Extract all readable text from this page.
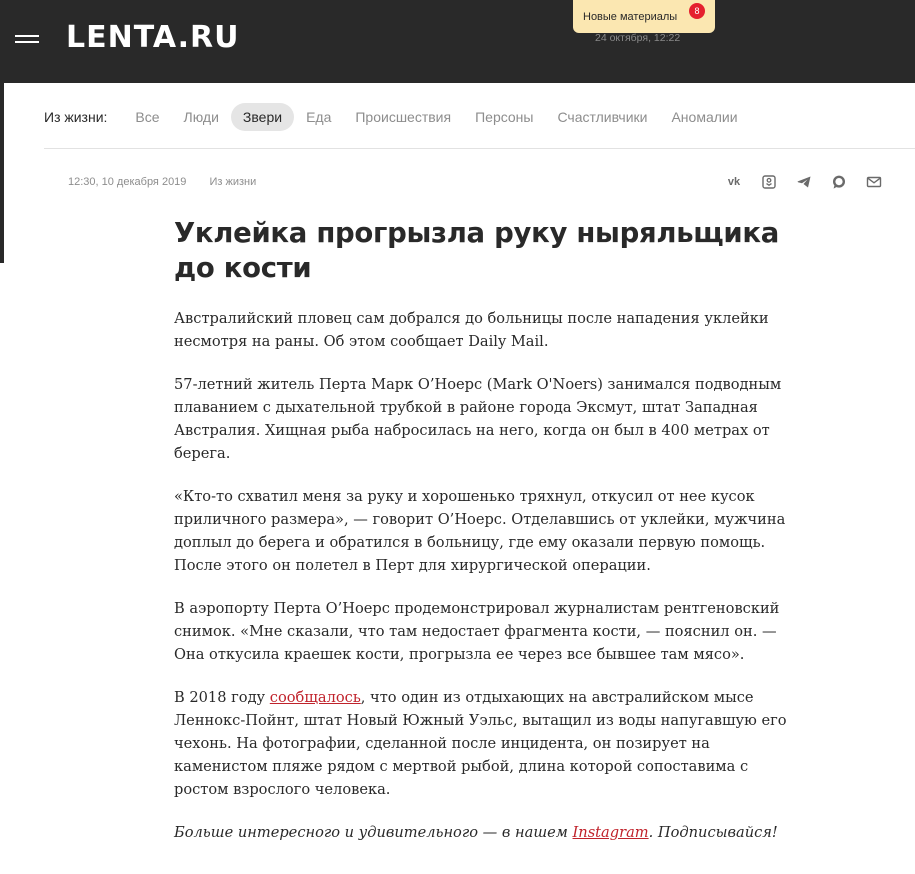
LENTA.RU
Новые материалы	8
24 октября, 12:22
Из жизни:	Все	Люди	Звери	Еда	Происшествия	Персоны	Счастливчики	Аномалии
12:30, 10 декабря 2019 Из жизни	vk
Уклейка прогрызла руку ныряльщика до кости

Австралийский пловец сам добрался до больницы после нападения уклейки несмотря на раны. Об этом сообщает Daily Mail.

57-летний житель Перта Марк О’Ноерс (Mark O'Noers) занимался подводным плаванием с дыхательной трубкой в районе города Эксмут, штат Западная Австралия. Хищная рыба набросилась на него, когда он был в 400 метрах от берега.

«Кто-то схватил меня за руку и хорошенько тряхнул, откусил от нее кусок приличного размера», — говорит О’Ноерс. Отделавшись от уклейки, мужчина доплыл до берега и обратился в больницу, где ему оказали первую помощь. После этого он полетел в Перт для хирургической операции.

В аэропорту Перта О’Ноерс продемонстрировал журналистам рентгеновский снимок. «Мне сказали, что там недостает фрагмента кости, — пояснил он. — Она откусила краешек кости, прогрызла ее через все бывшее там мясо».

В 2018 году сообщалось, что один из отдыхающих на австралийском мысе Леннокс-Пойнт, штат Новый Южный Уэльс, вытащил из воды напугавшую его чехонь. На фотографии, сделанной после инцидента, он позирует на каменистом пляже рядом с мертвой рыбой, длина которой сопоставима с ростом взрослого человека.

Больше интересного и удивительного — в нашем Instagram. Подписывайся!
